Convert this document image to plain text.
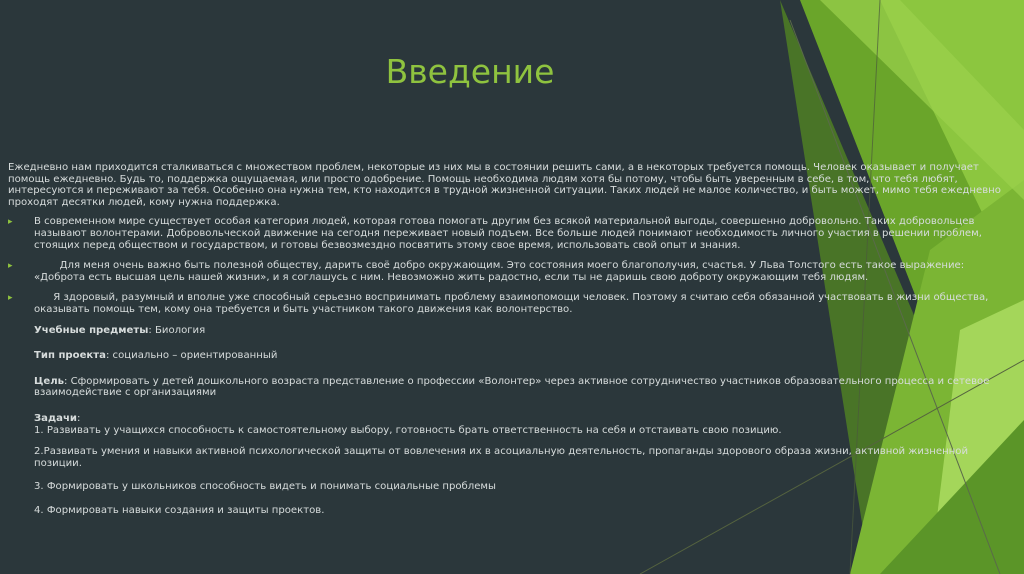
Введение

Ежедневно нам приходится сталкиваться с множеством проблем, некоторые из них мы в состоянии решить сами, а в некоторых требуется помощь. Человек оказывает и получает помощь ежедневно. Будь то, поддержка ощущаемая, или просто одобрение. Помощь необходима людям хотя бы потому, чтобы быть уверенным в себе, в том, что тебя любят, интересуются и переживают за тебя. Особенно она нужна тем, кто находится в трудной жизненной ситуации. Таких людей не малое количество, и быть может, мимо тебя ежедневно проходят десятки людей, кому нужна поддержка.

▸ В современном мире существует особая категория людей, которая готова помогать другим без всякой материальной выгоды, совершенно добровольно. Таких добровольцев называют волонтерами. Добровольческой движение на сегодня переживает новый подъем. Все больше людей понимают необходимость личного участия в решении проблем, стоящих перед обществом и государством, и готовы безвозмездно посвятить этому свое время, использовать свой опыт и знания.
▸ Для меня очень важно быть полезной обществу, дарить своё добро окружающим. Это состояния моего благополучия, счастья. У Льва Толстого есть такое выражение: «Доброта есть высшая цель нашей жизни», и я соглашусь с ним. Невозможно жить радостно, если ты не даришь свою доброту окружающим тебя людям.
▸ Я здоровый, разумный и вполне уже способный серьезно воспринимать проблему взаимопомощи человек. Поэтому я считаю себя обязанной участвовать в жизни общества, оказывать помощь тем, кому она требуется и быть участником такого движения как волонтерство.
Учебные предметы: Биология
Тип проекта: социально – ориентированный
Цель: Сформировать у детей дошкольного возраста представление о профессии «Волонтер» через активное сотрудничество участников образовательного процесса и сетевое взаимодействие с организациями
Задачи:
1. Развивать у учащихся способность к самостоятельному выбору, готовность брать ответственность на себя и отстаивать свою позицию.
2.Развивать умения и навыки активной психологической защиты от вовлечения их в асоциальную деятельность, пропаганды здорового образа жизни, активной жизненной позиции.
3. Формировать у школьников способность видеть и понимать социальные проблемы
4. Формировать навыки создания и защиты проектов.
